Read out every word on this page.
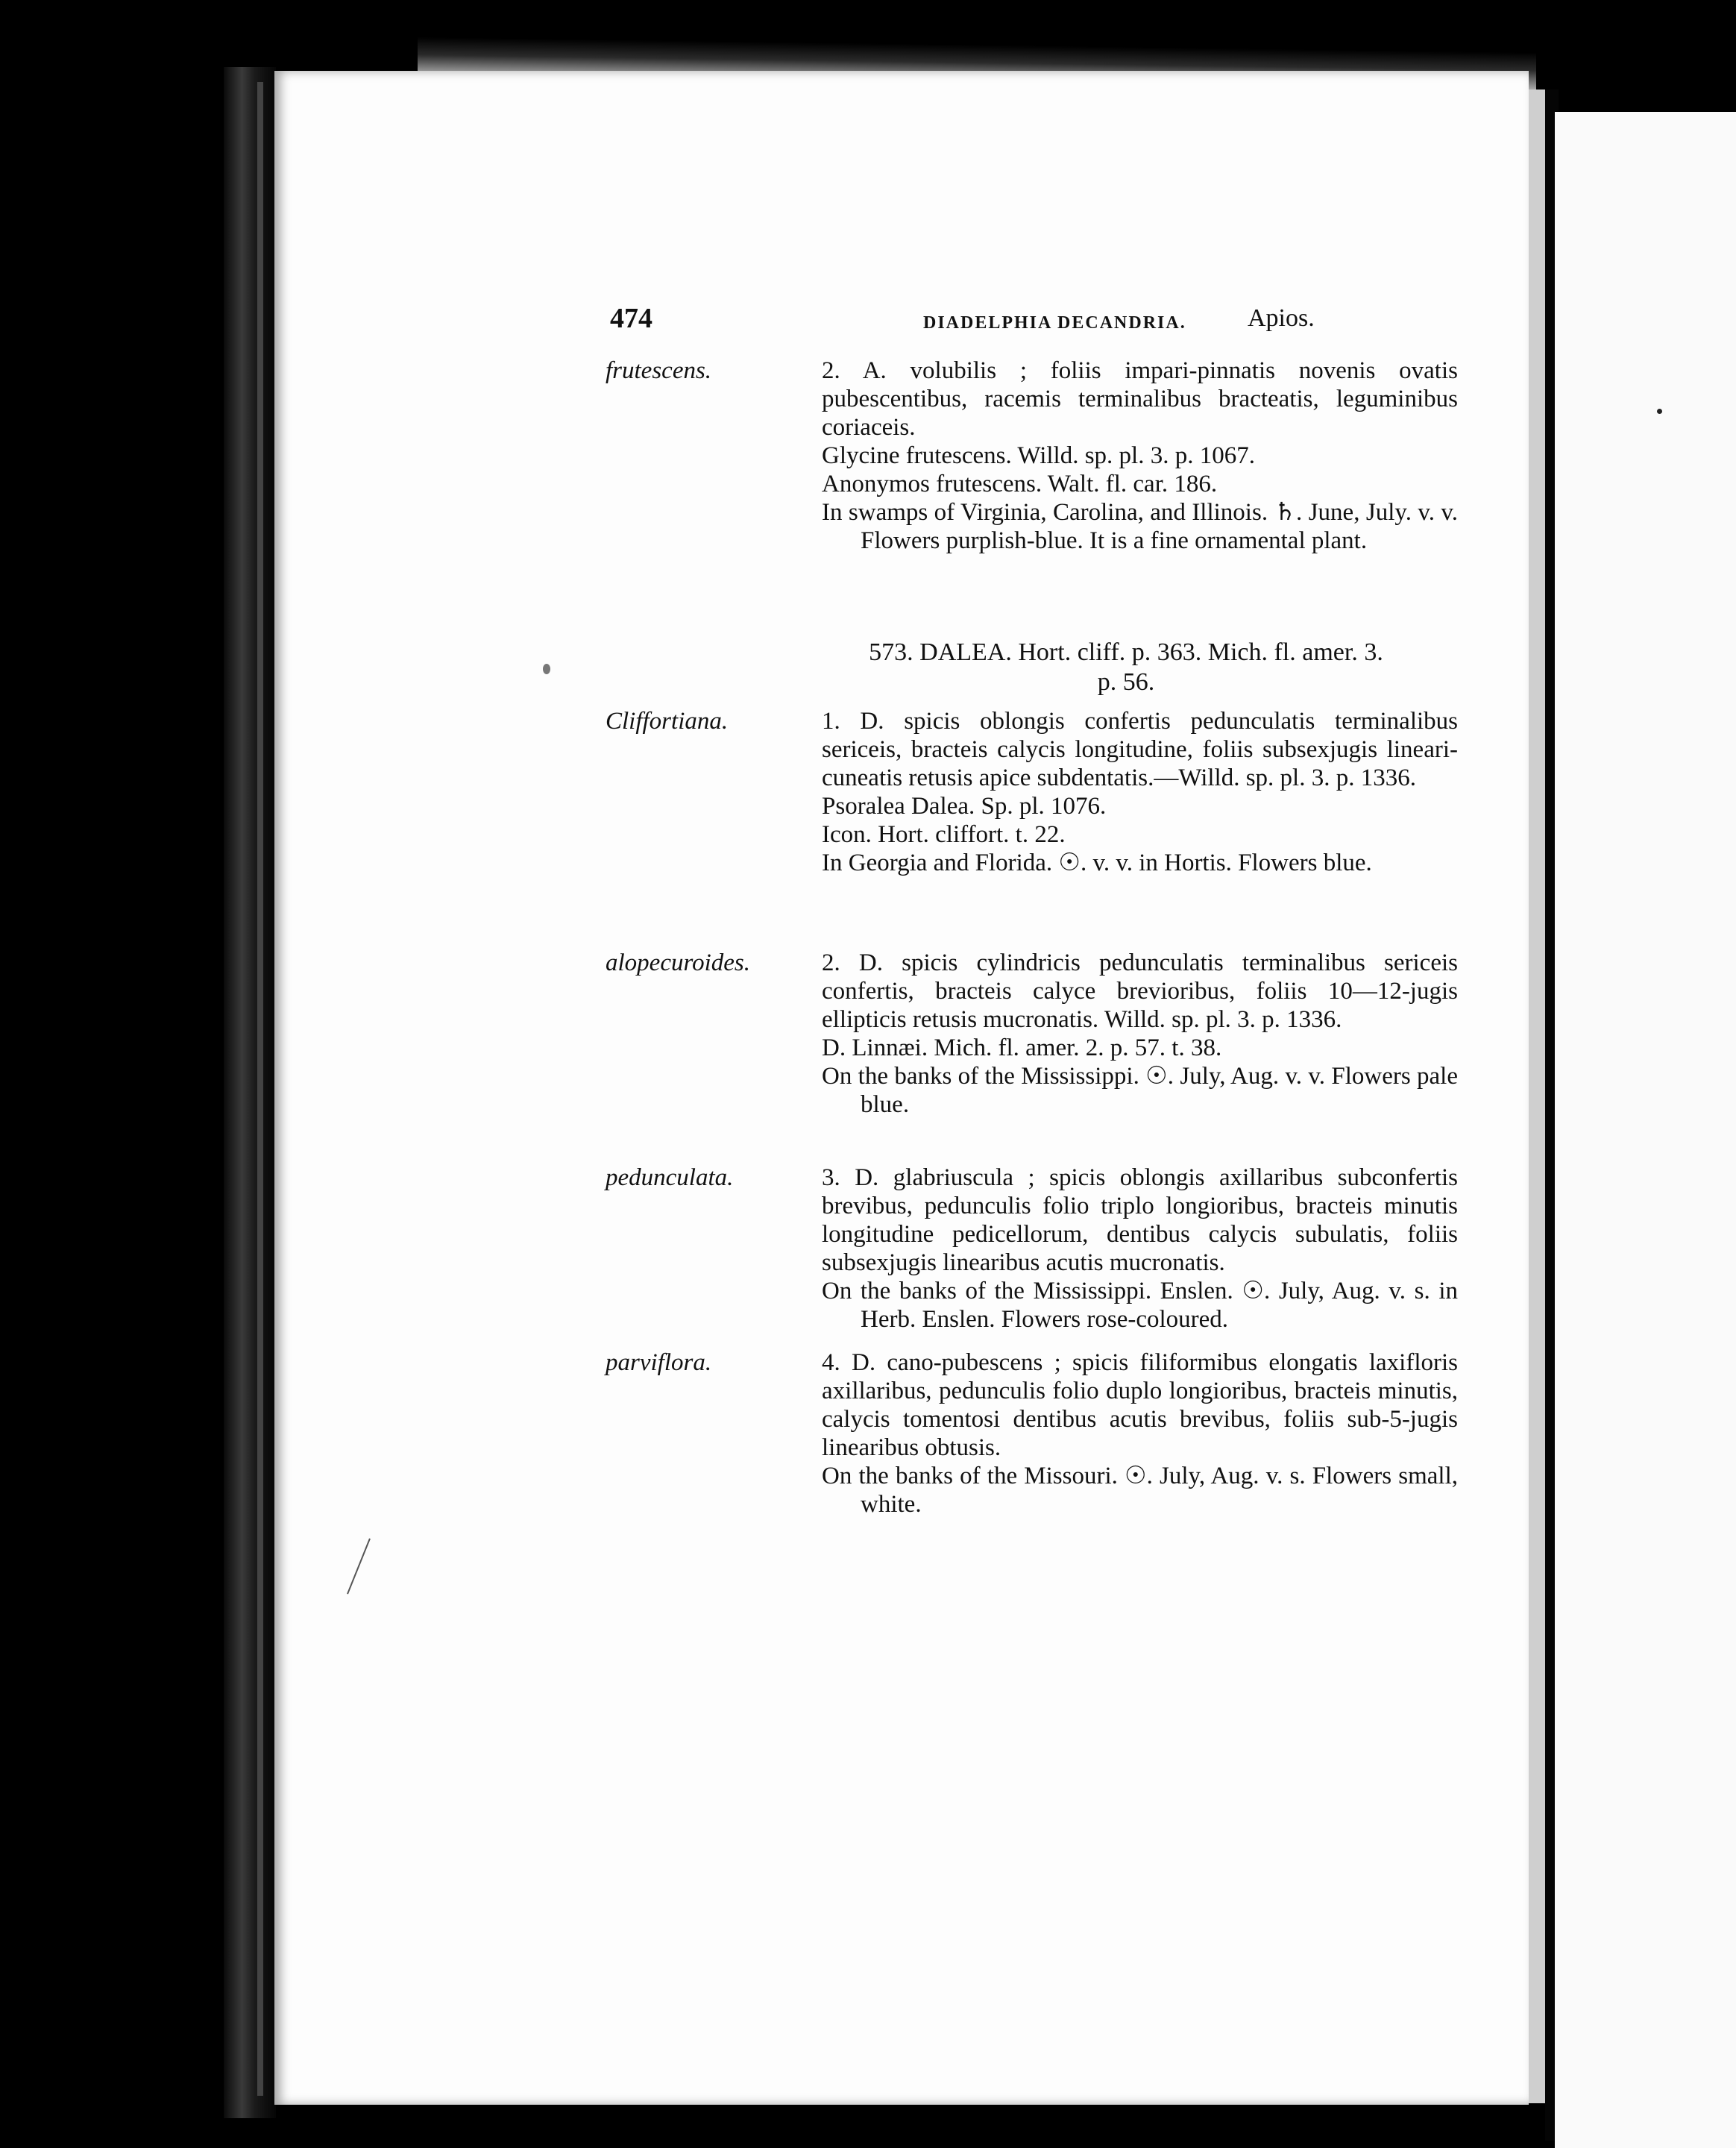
474	DIADELPHIA DECANDRIA. Apios.
frutescens.	2. A. volubilis ; foliis impari-pinnatis novenis ovatis pubescentibus, racemis terminalibus bracteatis, leguminibus coriaceis.

Glycine frutescens. Willd. sp. pl. 3. p. 1067.

Anonymos frutescens. Walt. fl. car. 186.

In swamps of Virginia, Carolina, and Illinois. ♄. June, July. v. v. Flowers purplish-blue. It is a fine ornamental plant.

573. DALEA. Hort. cliff. p. 363. Mich. fl. amer. 3.
p. 56.
Cliffortiana.	1. D. spicis oblongis confertis pedunculatis terminalibus sericeis, bracteis calycis longitudine, foliis subsexjugis lineari-cuneatis retusis apice subdentatis.—Willd. sp. pl. 3. p. 1336.

Psoralea Dalea. Sp. pl. 1076.

Icon. Hort. cliffort. t. 22.

In Georgia and Florida. ☉. v. v. in Hortis. Flowers blue.

alopecuroides.	2. D. spicis cylindricis pedunculatis terminalibus sericeis confertis, bracteis calyce brevioribus, foliis 10—12-jugis ellipticis retusis mucronatis. Willd. sp. pl. 3. p. 1336.

D. Linnæi. Mich. fl. amer. 2. p. 57. t. 38.

On the banks of the Mississippi. ☉. July, Aug. v. v. Flowers pale blue.

pedunculata.	3. D. glabriuscula ; spicis oblongis axillaribus subconfertis brevibus, pedunculis folio triplo longioribus, bracteis minutis longitudine pedicellorum, dentibus calycis subulatis, foliis subsexjugis linearibus acutis mucronatis.

On the banks of the Mississippi. Enslen. ☉. July, Aug. v. s. in Herb. Enslen. Flowers rose-coloured.

parviflora.	4. D. cano-pubescens ; spicis filiformibus elongatis laxifloris axillaribus, pedunculis folio duplo longioribus, bracteis minutis, calycis tomentosi dentibus acutis brevibus, foliis sub-5-jugis linearibus obtusis.

On the banks of the Missouri. ☉. July, Aug. v. s. Flowers small, white.
